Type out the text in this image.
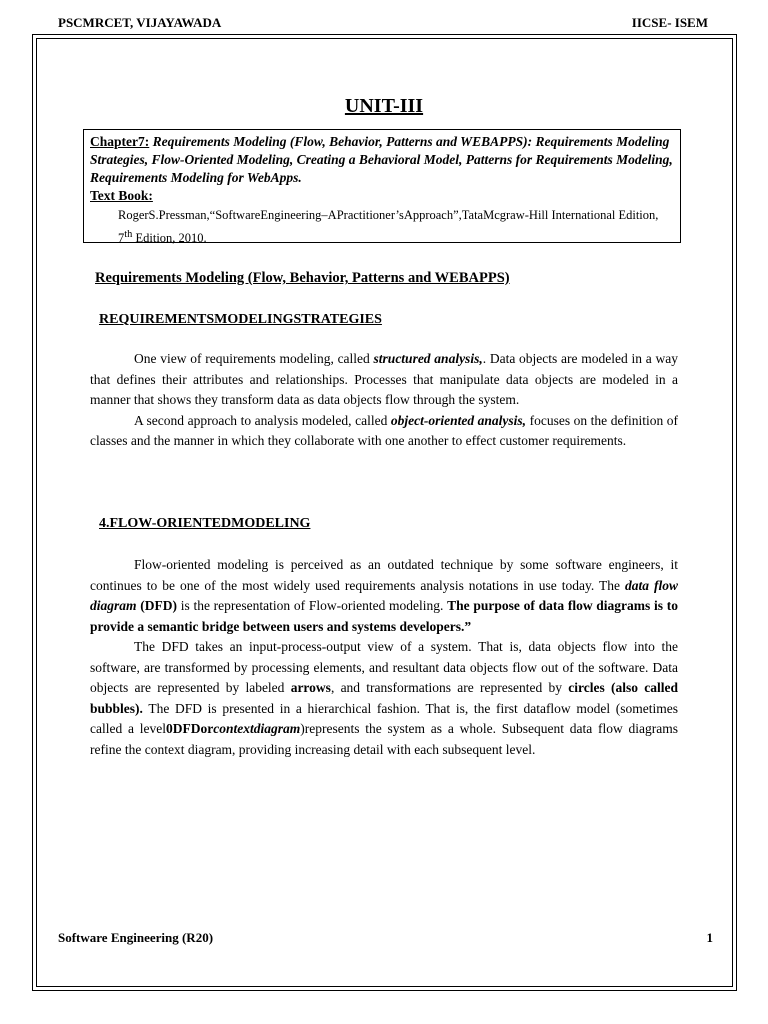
PSCMRCET, VIJAYAWADA	IICSE- ISEM
UNIT-III
Chapter7: Requirements Modeling (Flow, Behavior, Patterns and WEBAPPS): Requirements Modeling Strategies, Flow-Oriented Modeling, Creating a Behavioral Model, Patterns for Requirements Modeling, Requirements Modeling for WebApps.
Text Book:
RogerS.Pressman,“SoftwareEngineering–APractitioner’sApproach”,TataMcgraw-Hill International Edition, 7th Edition, 2010.
Requirements Modeling (Flow, Behavior, Patterns and WEBAPPS)
REQUIREMENTSMODELINGSTRATEGIES

One view of requirements modeling, called structured analysis,. Data objects are modeled in a way that defines their attributes and relationships. Processes that manipulate data objects are modeled in a manner that shows they transform data as data objects flow through the system.

A second approach to analysis modeled, called object-oriented analysis, focuses on the definition of classes and the manner in which they collaborate with one another to effect customer requirements.

4.FLOW-ORIENTEDMODELING

Flow-oriented modeling is perceived as an outdated technique by some software engineers, it continues to be one of the most widely used requirements analysis notations in use today. The data flow diagram (DFD) is the representation of Flow-oriented modeling. The purpose of data flow diagrams is to provide a semantic bridge between users and systems developers.”

The DFD takes an input-process-output view of a system. That is, data objects flow into the software, are transformed by processing elements, and resultant data objects flow out of the software. Data objects are represented by labeled arrows, and transformations are represented by circles (also called bubbles). The DFD is presented in a hierarchical fashion. That is, the first dataflow model (sometimes called a level0DFDorcontextdiagram)represents the system as a whole. Subsequent data flow diagrams refine the context diagram, providing increasing detail with each subsequent level.

Software Engineering (R20)	1
